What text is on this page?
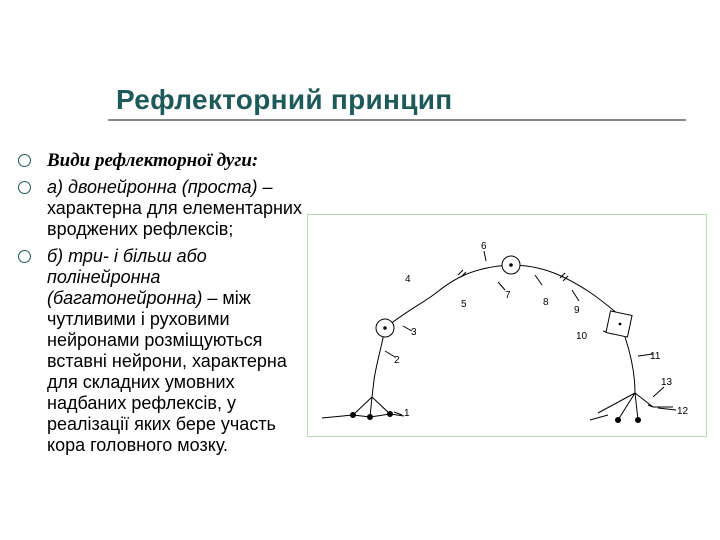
Рефлекторний принцип
Види рефлекторної дуги:
а) двонейронна (проста) – характерна для елементарних вроджених рефлексів;
б) три- і більш або полінейронна (багатонейронна) – між чутливими і руховими нейронами розміщуються вставні нейрони, характерна для складних умовних надбаних рефлексів, у реалізації яких бере участь кора головного мозку.
1
2
3
4
5
6
7
8
9
10
11
12
13
